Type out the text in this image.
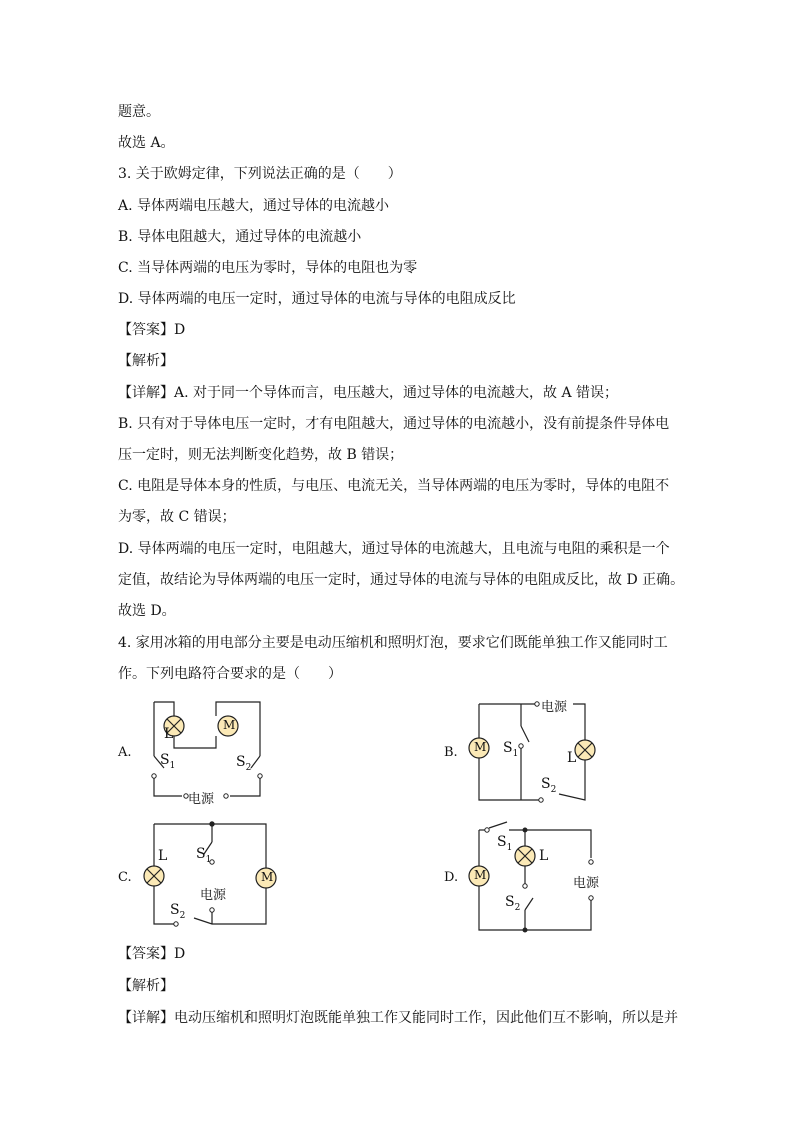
题意。
故选 A。
3. 关于欧姆定律，下列说法正确的是（　　）
A. 导体两端电压越大，通过导体的电流越小
B. 导体电阻越大，通过导体的电流越小
C. 当导体两端的电压为零时，导体的电阻也为零
D. 导体两端的电压一定时，通过导体的电流与导体的电阻成反比
【答案】D
【解析】
【详解】A. 对于同一个导体而言，电压越大，通过导体的电流越大，故 A 错误；
B. 只有对于导体电压一定时，才有电阻越大，通过导体的电流越小，没有前提条件导体电
压一定时，则无法判断变化趋势，故 B 错误；
C. 电阻是导体本身的性质，与电压、电流无关，当导体两端的电压为零时，导体的电阻不
为零，故 C 错误；
D. 导体两端的电压一定时，电阻越大，通过导体的电流越大，且电流与电阻的乘积是一个
定值，故结论为导体两端的电压一定时，通过导体的电流与导体的电阻成反比，故 D 正确。
故选 D。
4. 家用冰箱的用电部分主要是电动压缩机和照明灯泡，要求它们既能单独工作又能同时工
作。下列电路符合要求的是（　　）
A.	B.
C.	D.
L
M
$S_1$	$S_2$
电源
M
电源
$S_1$	L
$S_2$
L
M
$S_1$
电源
$S_2$
M
$S_1$
L
电源
$S_2$
【答案】D
【解析】
【详解】电动压缩机和照明灯泡既能单独工作又能同时工作，因此他们互不影响，所以是并
